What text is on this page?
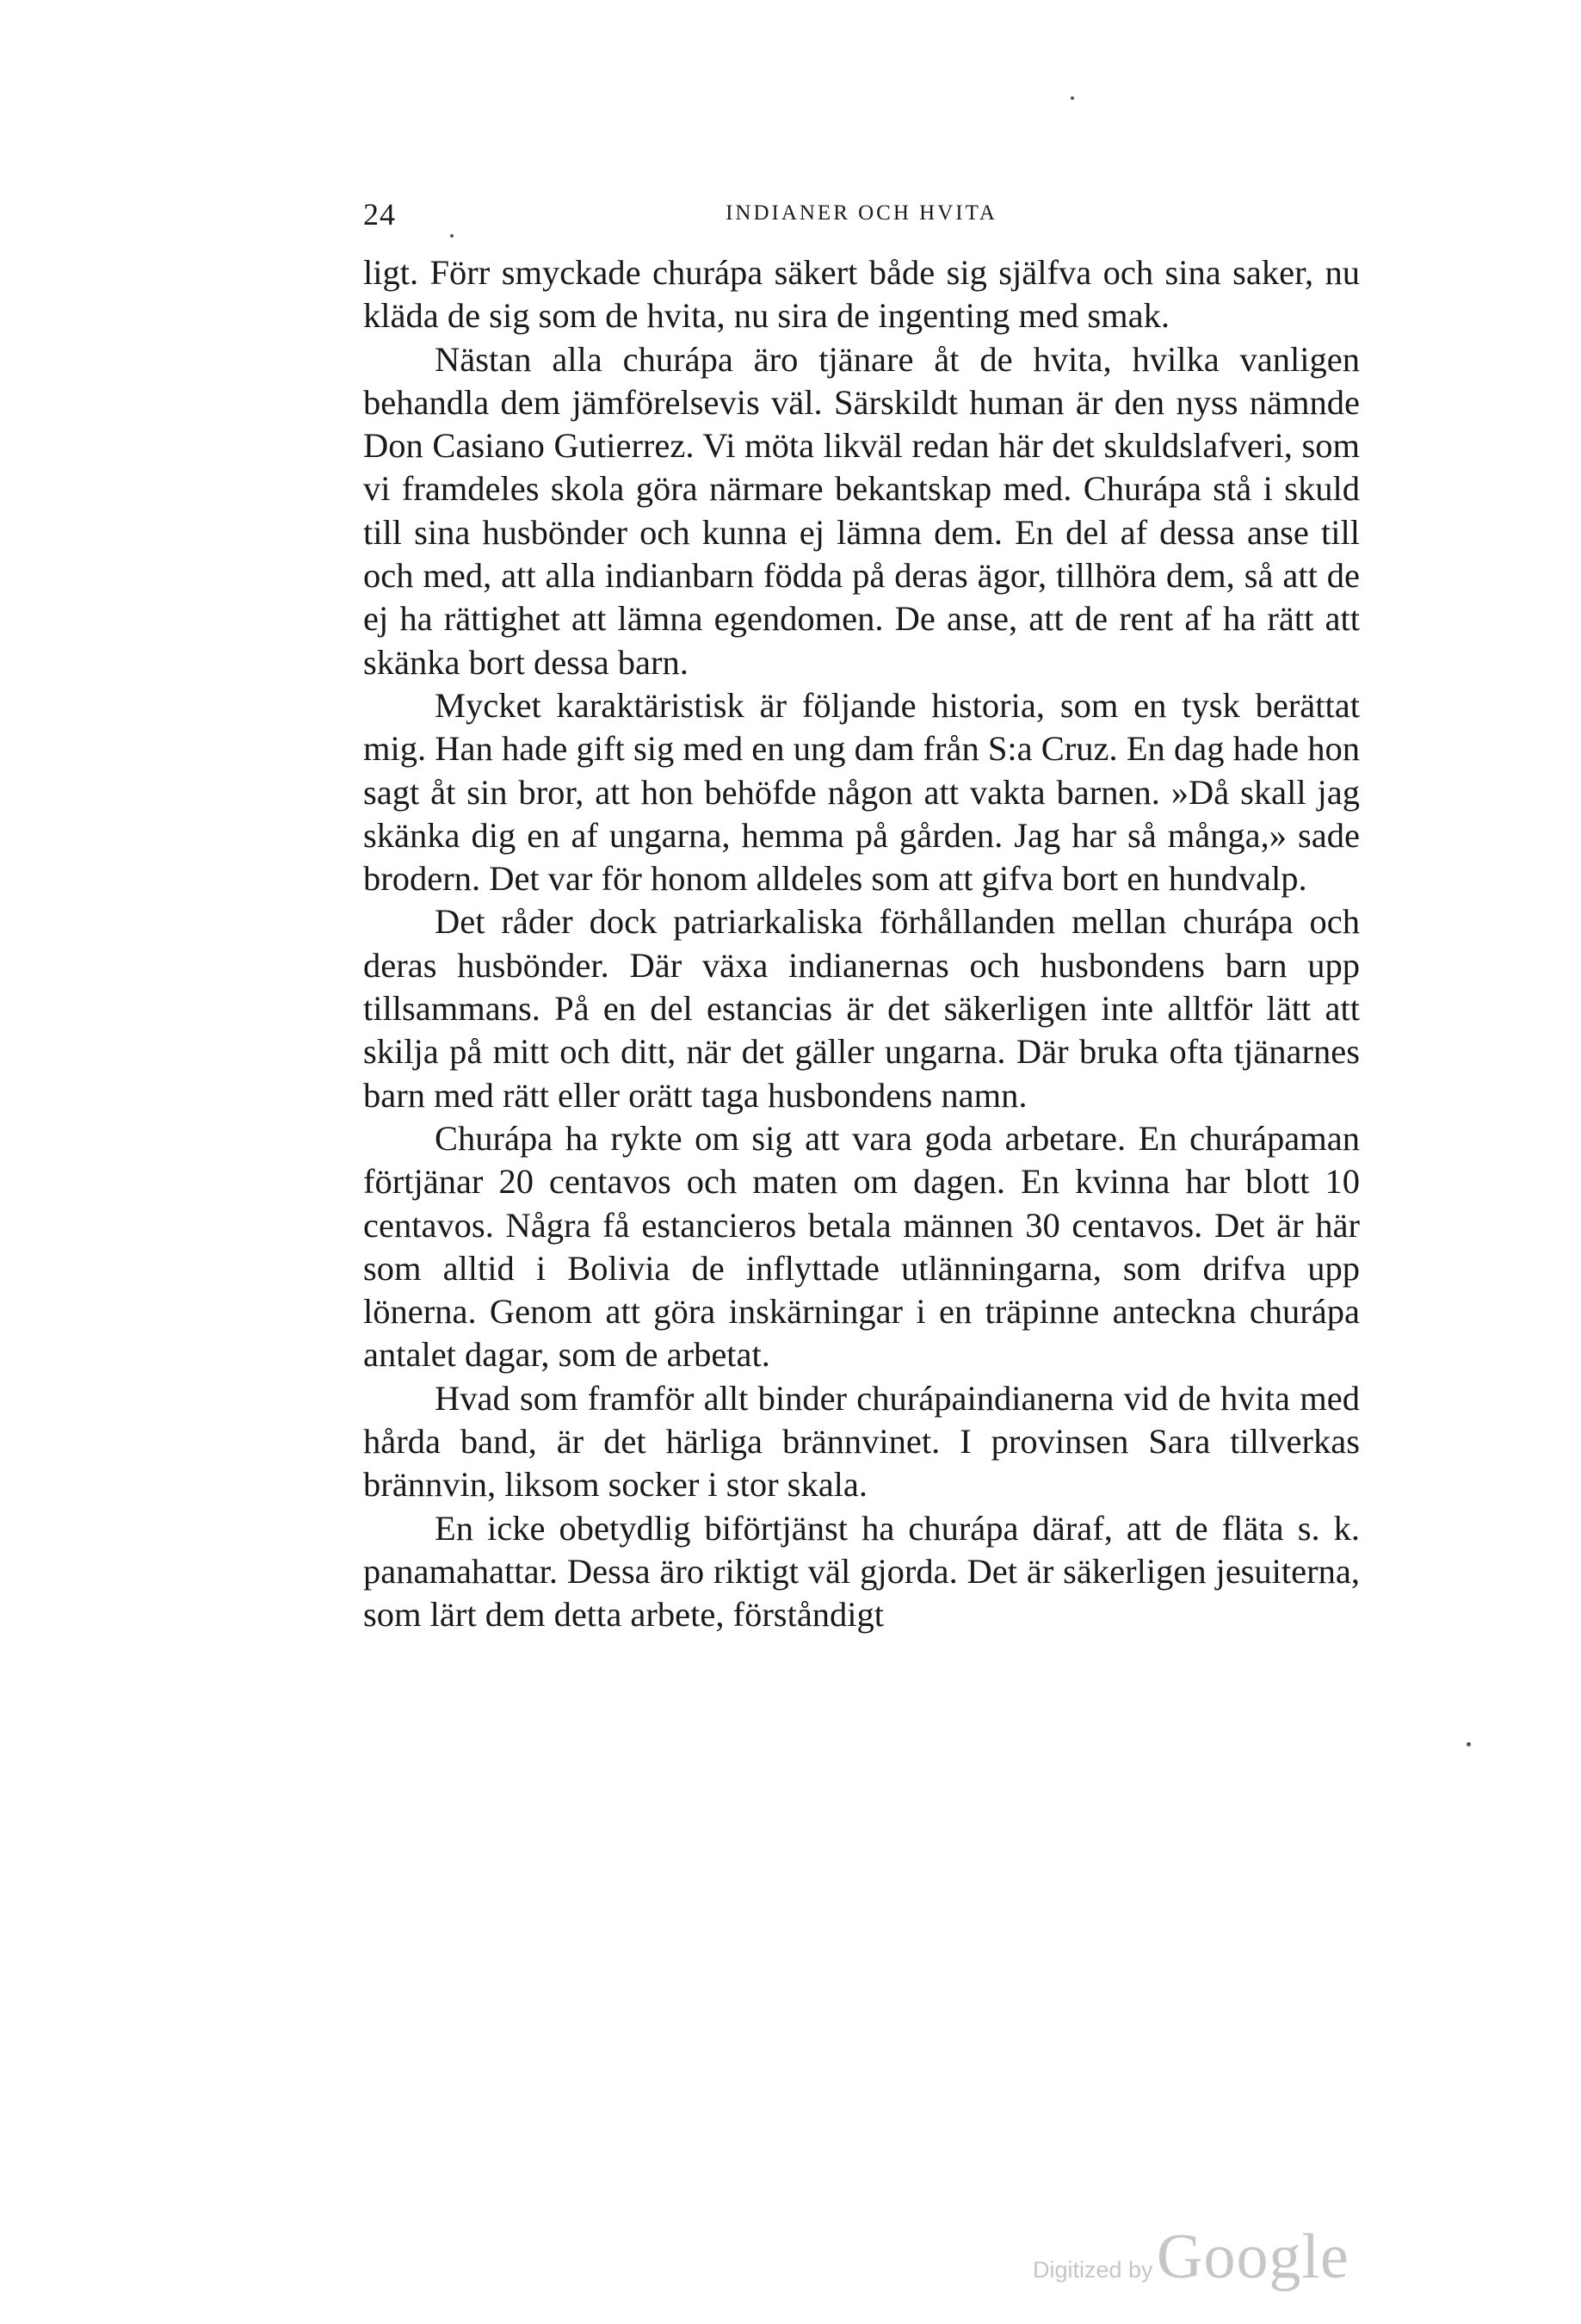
24	INDIANER OCH HVITA

ligt. Förr smyckade churápa säkert både sig själfva och sina saker, nu kläda de sig som de hvita, nu sira de ingenting med smak.

Nästan alla churápa äro tjänare åt de hvita, hvilka vanligen behandla dem jämförelsevis väl. Särskildt human är den nyss nämnde Don Casiano Gutierrez. Vi möta likväl redan här det skuldslafveri, som vi framdeles skola göra närmare bekantskap med. Churápa stå i skuld till sina husbönder och kunna ej lämna dem. En del af dessa anse till och med, att alla indianbarn födda på deras ägor, tillhöra dem, så att de ej ha rättighet att lämna egendomen. De anse, att de rent af ha rätt att skänka bort dessa barn.

Mycket karaktäristisk är följande historia, som en tysk berättat mig. Han hade gift sig med en ung dam från S:a Cruz. En dag hade hon sagt åt sin bror, att hon behöfde någon att vakta barnen. »Då skall jag skänka dig en af ungarna, hemma på gården. Jag har så många,» sade brodern. Det var för honom alldeles som att gifva bort en hundvalp.

Det råder dock patriarkaliska förhållanden mellan churápa och deras husbönder. Där växa indianernas och husbondens barn upp tillsammans. På en del estancias är det säkerligen inte alltför lätt att skilja på mitt och ditt, när det gäller ungarna. Där bruka ofta tjänarnes barn med rätt eller orätt taga husbondens namn.

Churápa ha rykte om sig att vara goda arbetare. En churápaman förtjänar 20 centavos och maten om dagen. En kvinna har blott 10 centavos. Några få estancieros betala männen 30 centavos. Det är här som alltid i Bolivia de inflyttade utlänningarna, som drifva upp lönerna. Genom att göra inskärningar i en träpinne anteckna churápa antalet dagar, som de arbetat.

Hvad som framför allt binder churápaindianerna vid de hvita med hårda band, är det härliga brännvinet. I provinsen Sara tillverkas brännvin, liksom socker i stor skala.

En icke obetydlig biförtjänst ha churápa däraf, att de fläta s. k. panamahattar. Dessa äro riktigt väl gjorda. Det är säkerligen jesuiterna, som lärt dem detta arbete, förståndigt

Digitized by Google
